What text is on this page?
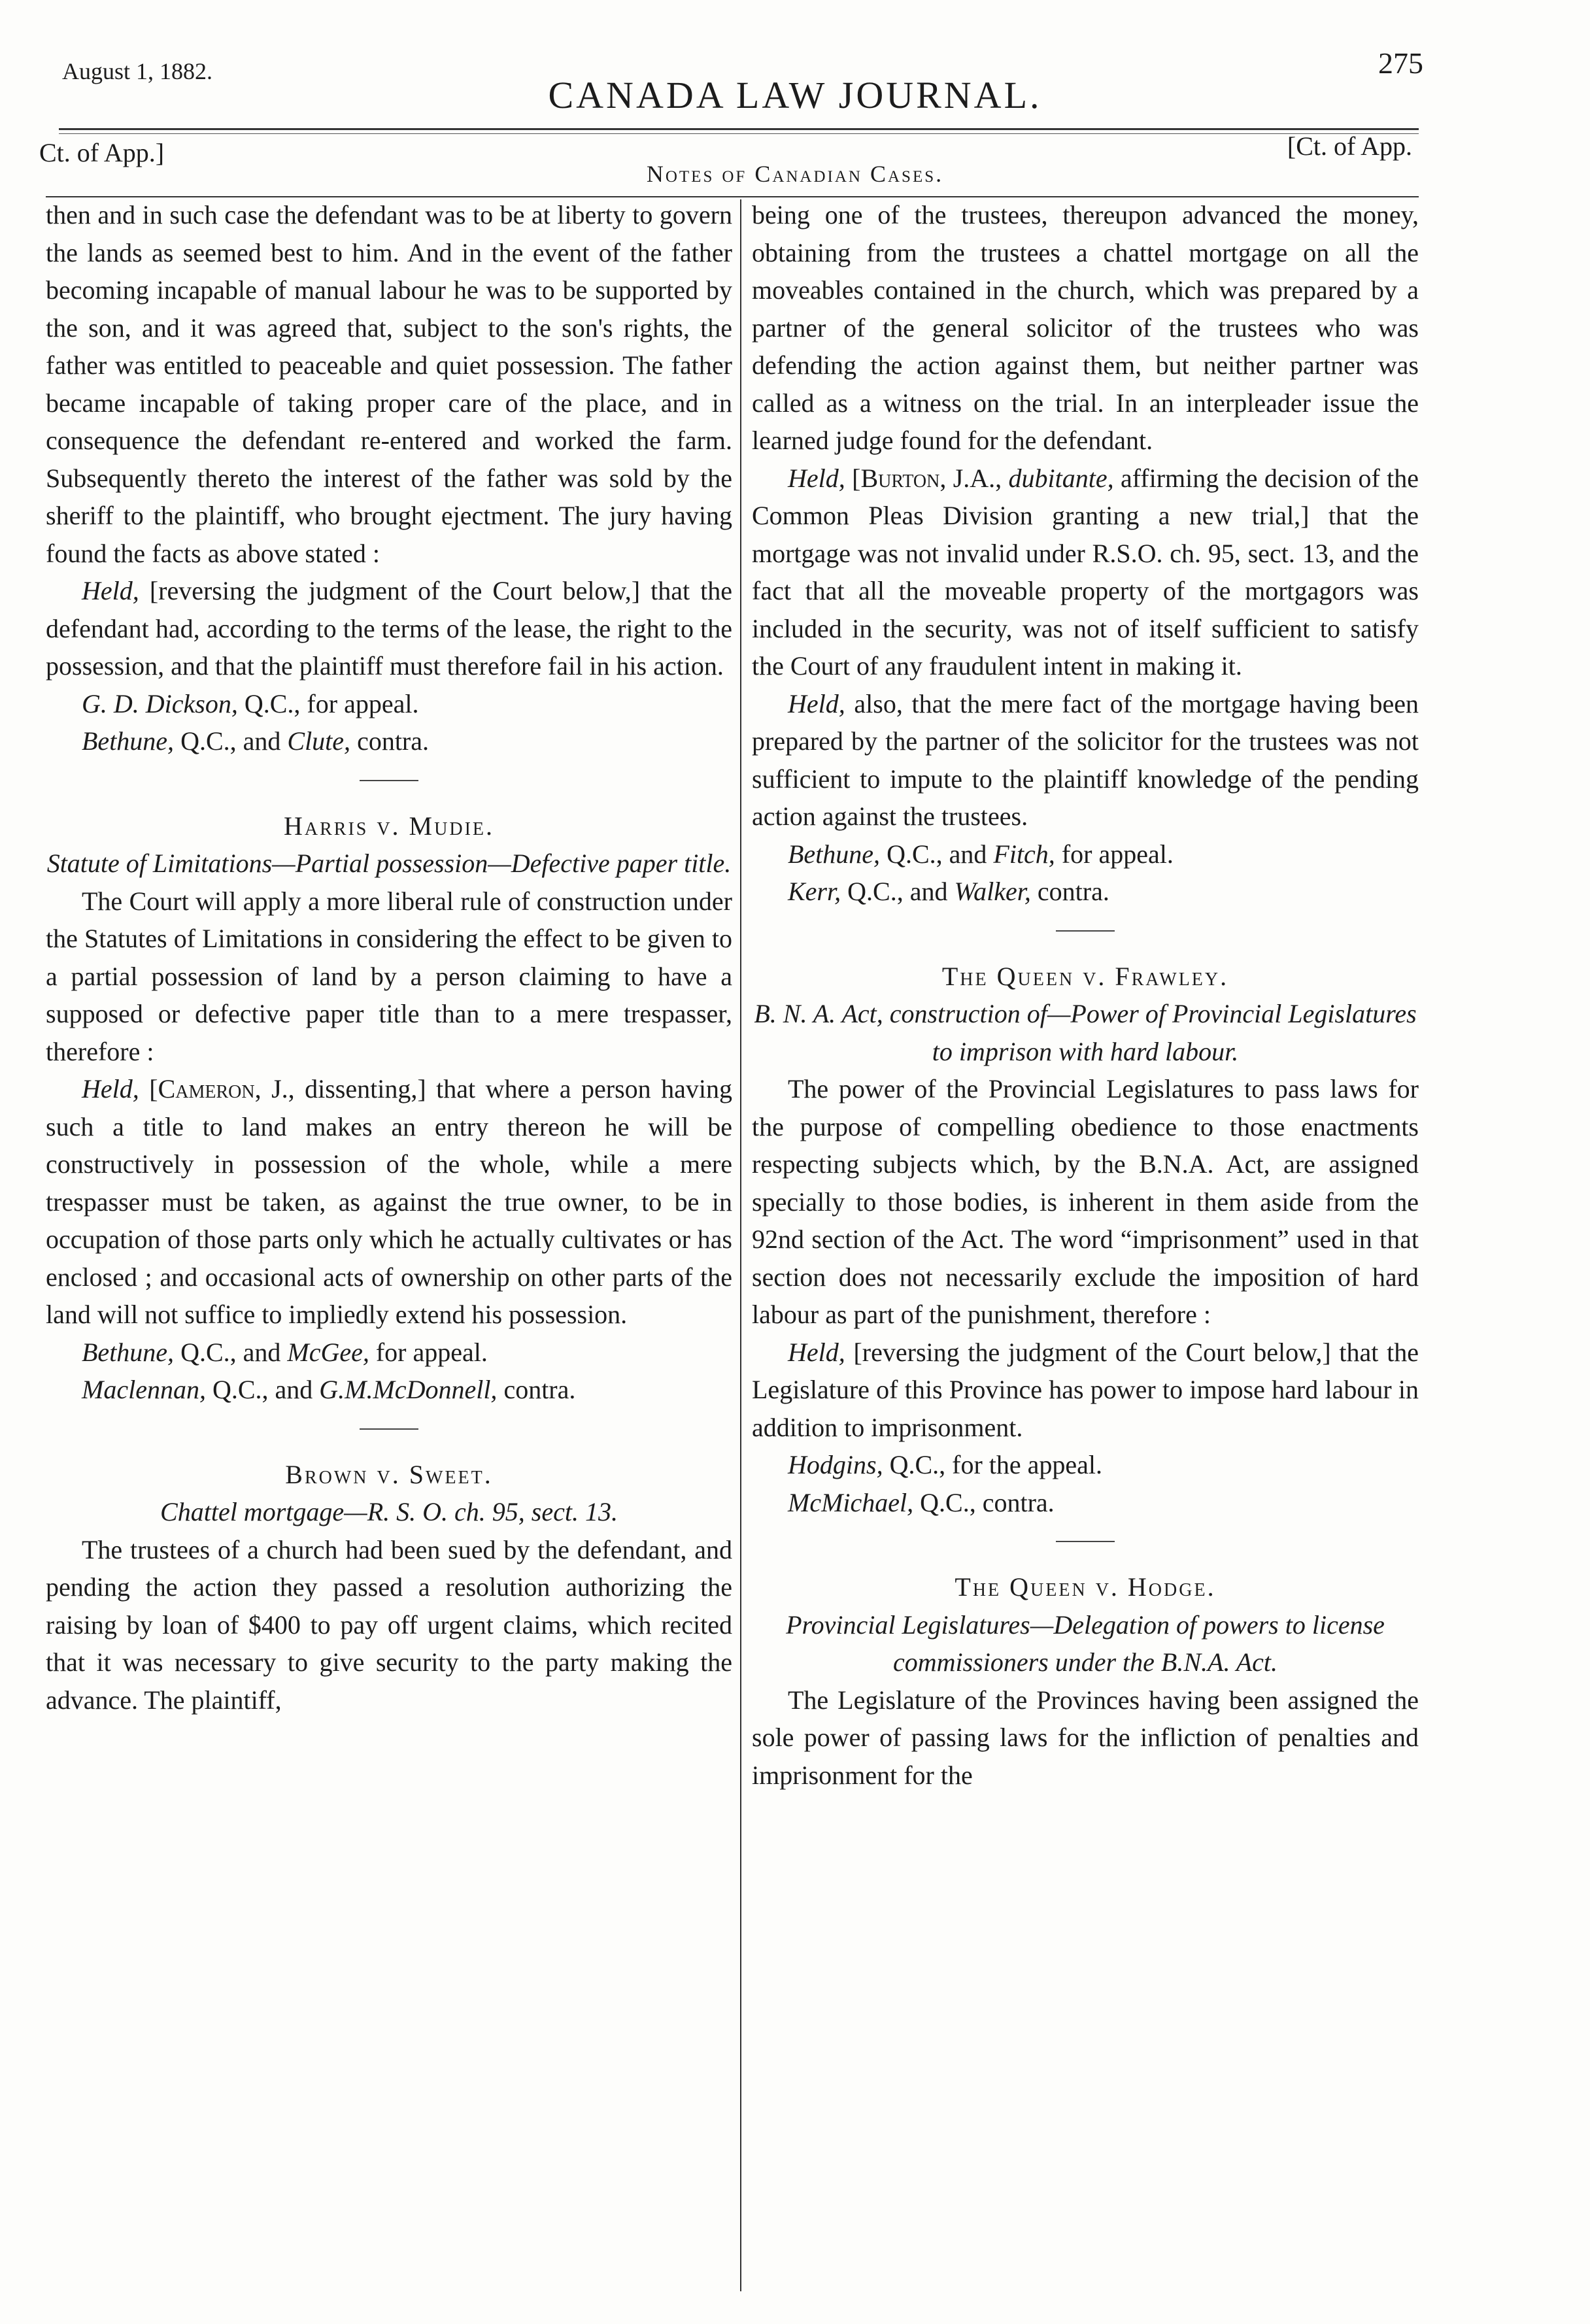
August 1, 1882.
CANADA LAW JOURNAL.
275
Ct. of App.]
Notes of Canadian Cases.
[Ct. of App.

then and in such case the defendant was to be at liberty to govern the lands as seemed best to him. And in the event of the father becoming incapable of manual labour he was to be supported by the son, and it was agreed that, subject to the son's rights, the father was entitled to peaceable and quiet possession. The father became incapable of taking proper care of the place, and in consequence the defendant re-entered and worked the farm. Subsequently thereto the interest of the father was sold by the sheriff to the plaintiff, who brought ejectment. The jury having found the facts as above stated :

Held, [reversing the judgment of the Court below,] that the defendant had, according to the terms of the lease, the right to the possession, and that the plaintiff must therefore fail in his action.

G. D. Dickson, Q.C., for appeal.

Bethune, Q.C., and Clute, contra.

Harris v. Mudie.

Statute of Limitations—Partial possession—Defective paper title.

The Court will apply a more liberal rule of construction under the Statutes of Limitations in considering the effect to be given to a partial possession of land by a person claiming to have a supposed or defective paper title than to a mere trespasser, therefore :

Held, [Cameron, J., dissenting,] that where a person having such a title to land makes an entry thereon he will be constructively in possession of the whole, while a mere trespasser must be taken, as against the true owner, to be in occupation of those parts only which he actually cultivates or has enclosed ; and occasional acts of ownership on other parts of the land will not suffice to impliedly extend his possession.

Bethune, Q.C., and McGee, for appeal.

Maclennan, Q.C., and G.M.McDonnell, contra.

Brown v. Sweet.

Chattel mortgage—R. S. O. ch. 95, sect. 13.

The trustees of a church had been sued by the defendant, and pending the action they passed a resolution authorizing the raising by loan of $400 to pay off urgent claims, which recited that it was necessary to give security to the party making the advance. The plaintiff,

being one of the trustees, thereupon advanced the money, obtaining from the trustees a chattel mortgage on all the moveables contained in the church, which was prepared by a partner of the general solicitor of the trustees who was defending the action against them, but neither partner was called as a witness on the trial. In an interpleader issue the learned judge found for the defendant.

Held, [Burton, J.A., dubitante, affirming the decision of the Common Pleas Division granting a new trial,] that the mortgage was not invalid under R.S.O. ch. 95, sect. 13, and the fact that all the moveable property of the mortgagors was included in the security, was not of itself sufficient to satisfy the Court of any fraudulent intent in making it.

Held, also, that the mere fact of the mortgage having been prepared by the partner of the solicitor for the trustees was not sufficient to impute to the plaintiff knowledge of the pending action against the trustees.

Bethune, Q.C., and Fitch, for appeal.

Kerr, Q.C., and Walker, contra.

The Queen v. Frawley.

B. N. A. Act, construction of—Power of Provincial Legislatures to imprison with hard labour.

The power of the Provincial Legislatures to pass laws for the purpose of compelling obedience to those enactments respecting subjects which, by the B.N.A. Act, are assigned specially to those bodies, is inherent in them aside from the 92nd section of the Act. The word “imprisonment” used in that section does not necessarily exclude the imposition of hard labour as part of the punishment, therefore :

Held, [reversing the judgment of the Court below,] that the Legislature of this Province has power to impose hard labour in addition to imprisonment.

Hodgins, Q.C., for the appeal.

McMichael, Q.C., contra.

The Queen v. Hodge.

Provincial Legislatures—Delegation of powers to license commissioners under the B.N.A. Act.

The Legislature of the Provinces having been assigned the sole power of passing laws for the infliction of penalties and imprisonment for the
